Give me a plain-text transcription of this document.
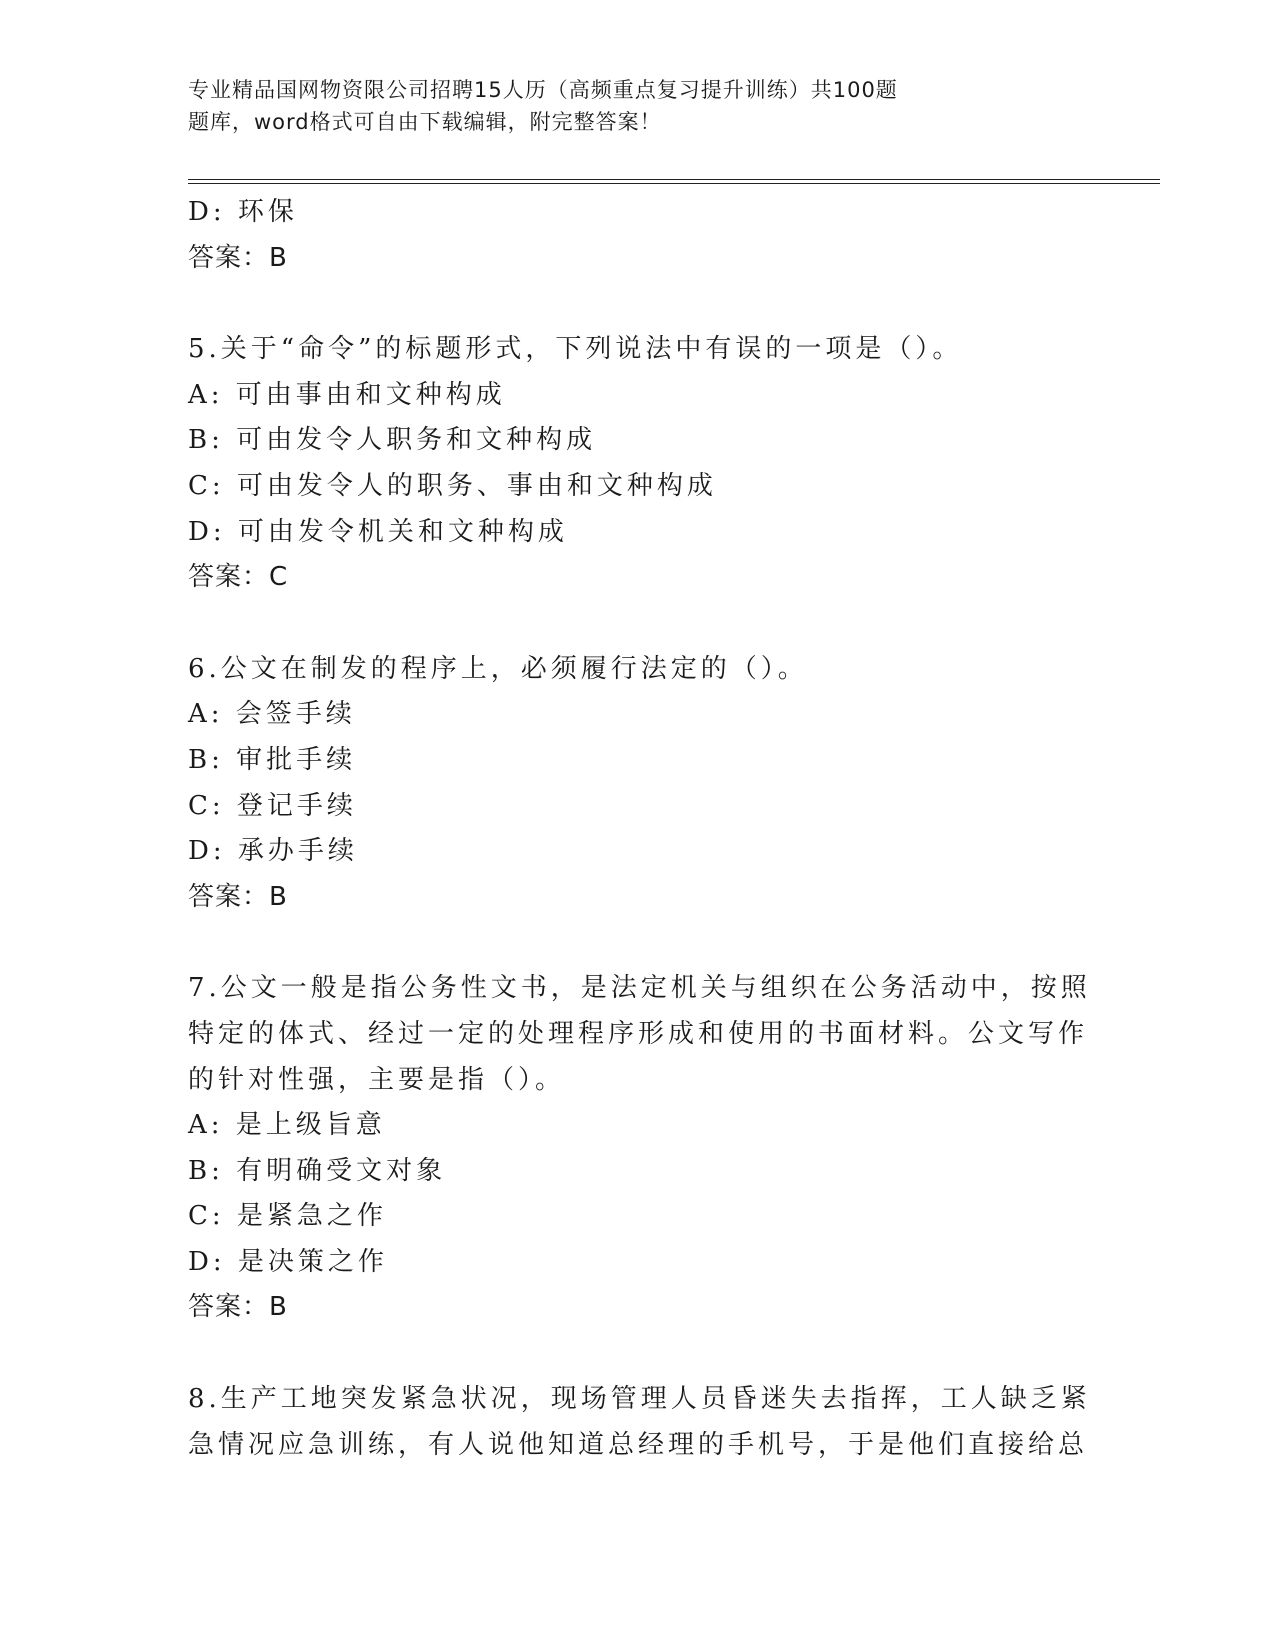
专业精品国网物资限公司招聘15人历（高频重点复习提升训练）共100题
题库，word格式可自由下载编辑，附完整答案！
D: 环保
答案：B
5.关于“命令”的标题形式，下列说法中有误的一项是（）。
A: 可由事由和文种构成
B: 可由发令人职务和文种构成
C: 可由发令人的职务、事由和文种构成
D: 可由发令机关和文种构成
答案：C
6.公文在制发的程序上，必须履行法定的（）。
A: 会签手续
B: 审批手续
C: 登记手续
D: 承办手续
答案：B
7.公文一般是指公务性文书，是法定机关与组织在公务活动中，按照
特定的体式、经过一定的处理程序形成和使用的书面材料。公文写作
的针对性强，主要是指（）。
A: 是上级旨意
B: 有明确受文对象
C: 是紧急之作
D: 是决策之作
答案：B
8.生产工地突发紧急状况，现场管理人员昏迷失去指挥，工人缺乏紧
急情况应急训练，有人说他知道总经理的手机号，于是他们直接给总
